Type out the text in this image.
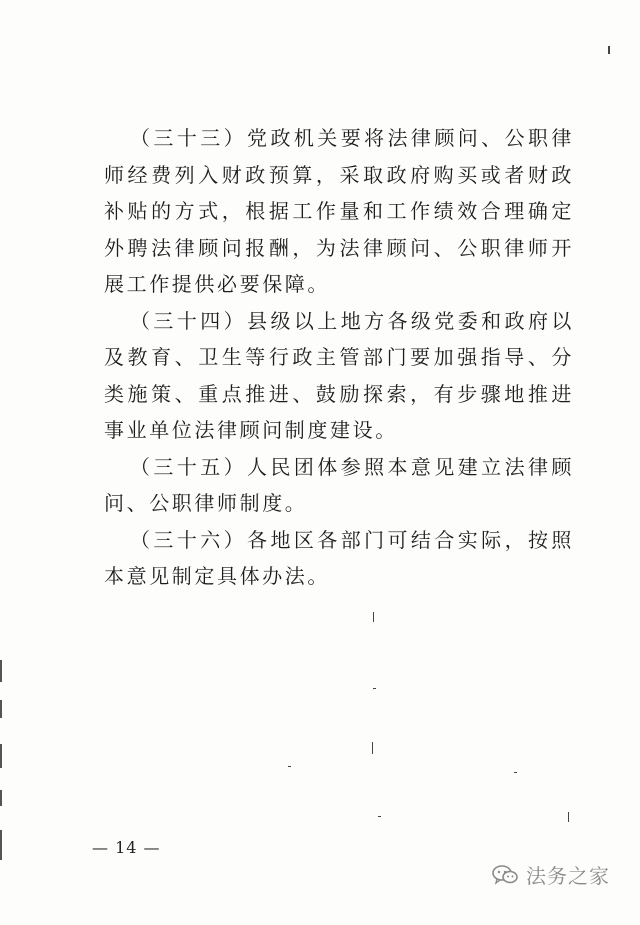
（三十三）党政机关要将法律顾问、公职律师经费列入财政预算，采取政府购买或者财政补贴的方式，根据工作量和工作绩效合理确定外聘法律顾问报酬，为法律顾问、公职律师开展工作提供必要保障。

（三十四）县级以上地方各级党委和政府以及教育、卫生等行政主管部门要加强指导、分类施策、重点推进、鼓励探索，有步骤地推进事业单位法律顾问制度建设。

（三十五）人民团体参照本意见建立法律顾问、公职律师制度。

（三十六）各地区各部门可结合实际，按照本意见制定具体办法。

— 14 —
法务之家
